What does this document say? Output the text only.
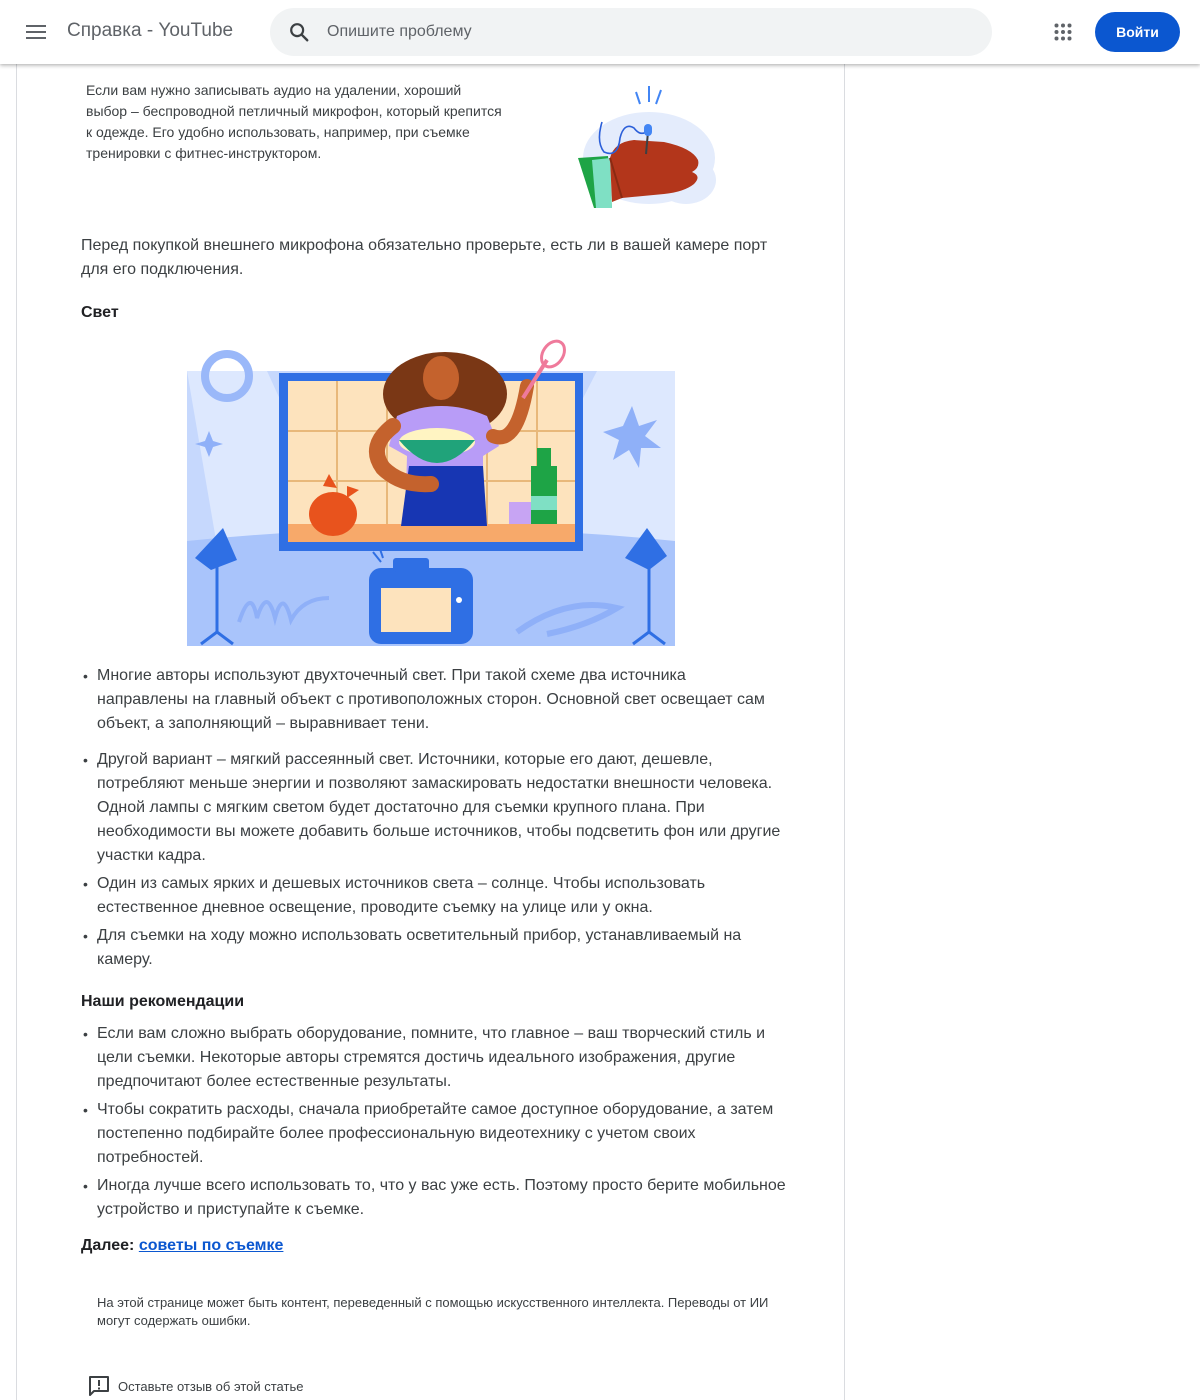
Справка - YouTube
Опишите проблему	Войти
Если вам нужно записывать аудио на удалении, хороший выбор – беспроводной петличный микрофон, который крепится к одежде. Его удобно использовать, например, при съемке тренировки с фитнес-инструктором.
Перед покупкой внешнего микрофона обязательно проверьте, есть ли в вашей камере порт для его подключения.
Свет
• Многие авторы используют двухточечный свет. При такой схеме два источника направлены на главный объект с противоположных сторон. Основной свет освещает сам объект, а заполняющий – выравнивает тени.
• Другой вариант – мягкий рассеянный свет. Источники, которые его дают, дешевле, потребляют меньше энергии и позволяют замаскировать недостатки внешности человека. Одной лампы с мягким светом будет достаточно для съемки крупного плана. При необходимости вы можете добавить больше источников, чтобы подсветить фон или другие участки кадра.
• Один из самых ярких и дешевых источников света – солнце. Чтобы использовать естественное дневное освещение, проводите съемку на улице или у окна.
• Для съемки на ходу можно использовать осветительный прибор, устанавливаемый на камеру.
Наши рекомендации
• Если вам сложно выбрать оборудование, помните, что главное – ваш творческий стиль и цели съемки. Некоторые авторы стремятся достичь идеального изображения, другие предпочитают более естественные результаты.
• Чтобы сократить расходы, сначала приобретайте самое доступное оборудование, а затем постепенно подбирайте более профессиональную видеотехнику с учетом своих потребностей.
• Иногда лучше всего использовать то, что у вас уже есть. Поэтому просто берите мобильное устройство и приступайте к съемке.
Далее: советы по съемке
На этой странице может быть контент, переведенный с помощью искусственного интеллекта. Переводы от ИИ могут содержать ошибки.
Оставьте отзыв об этой статье
